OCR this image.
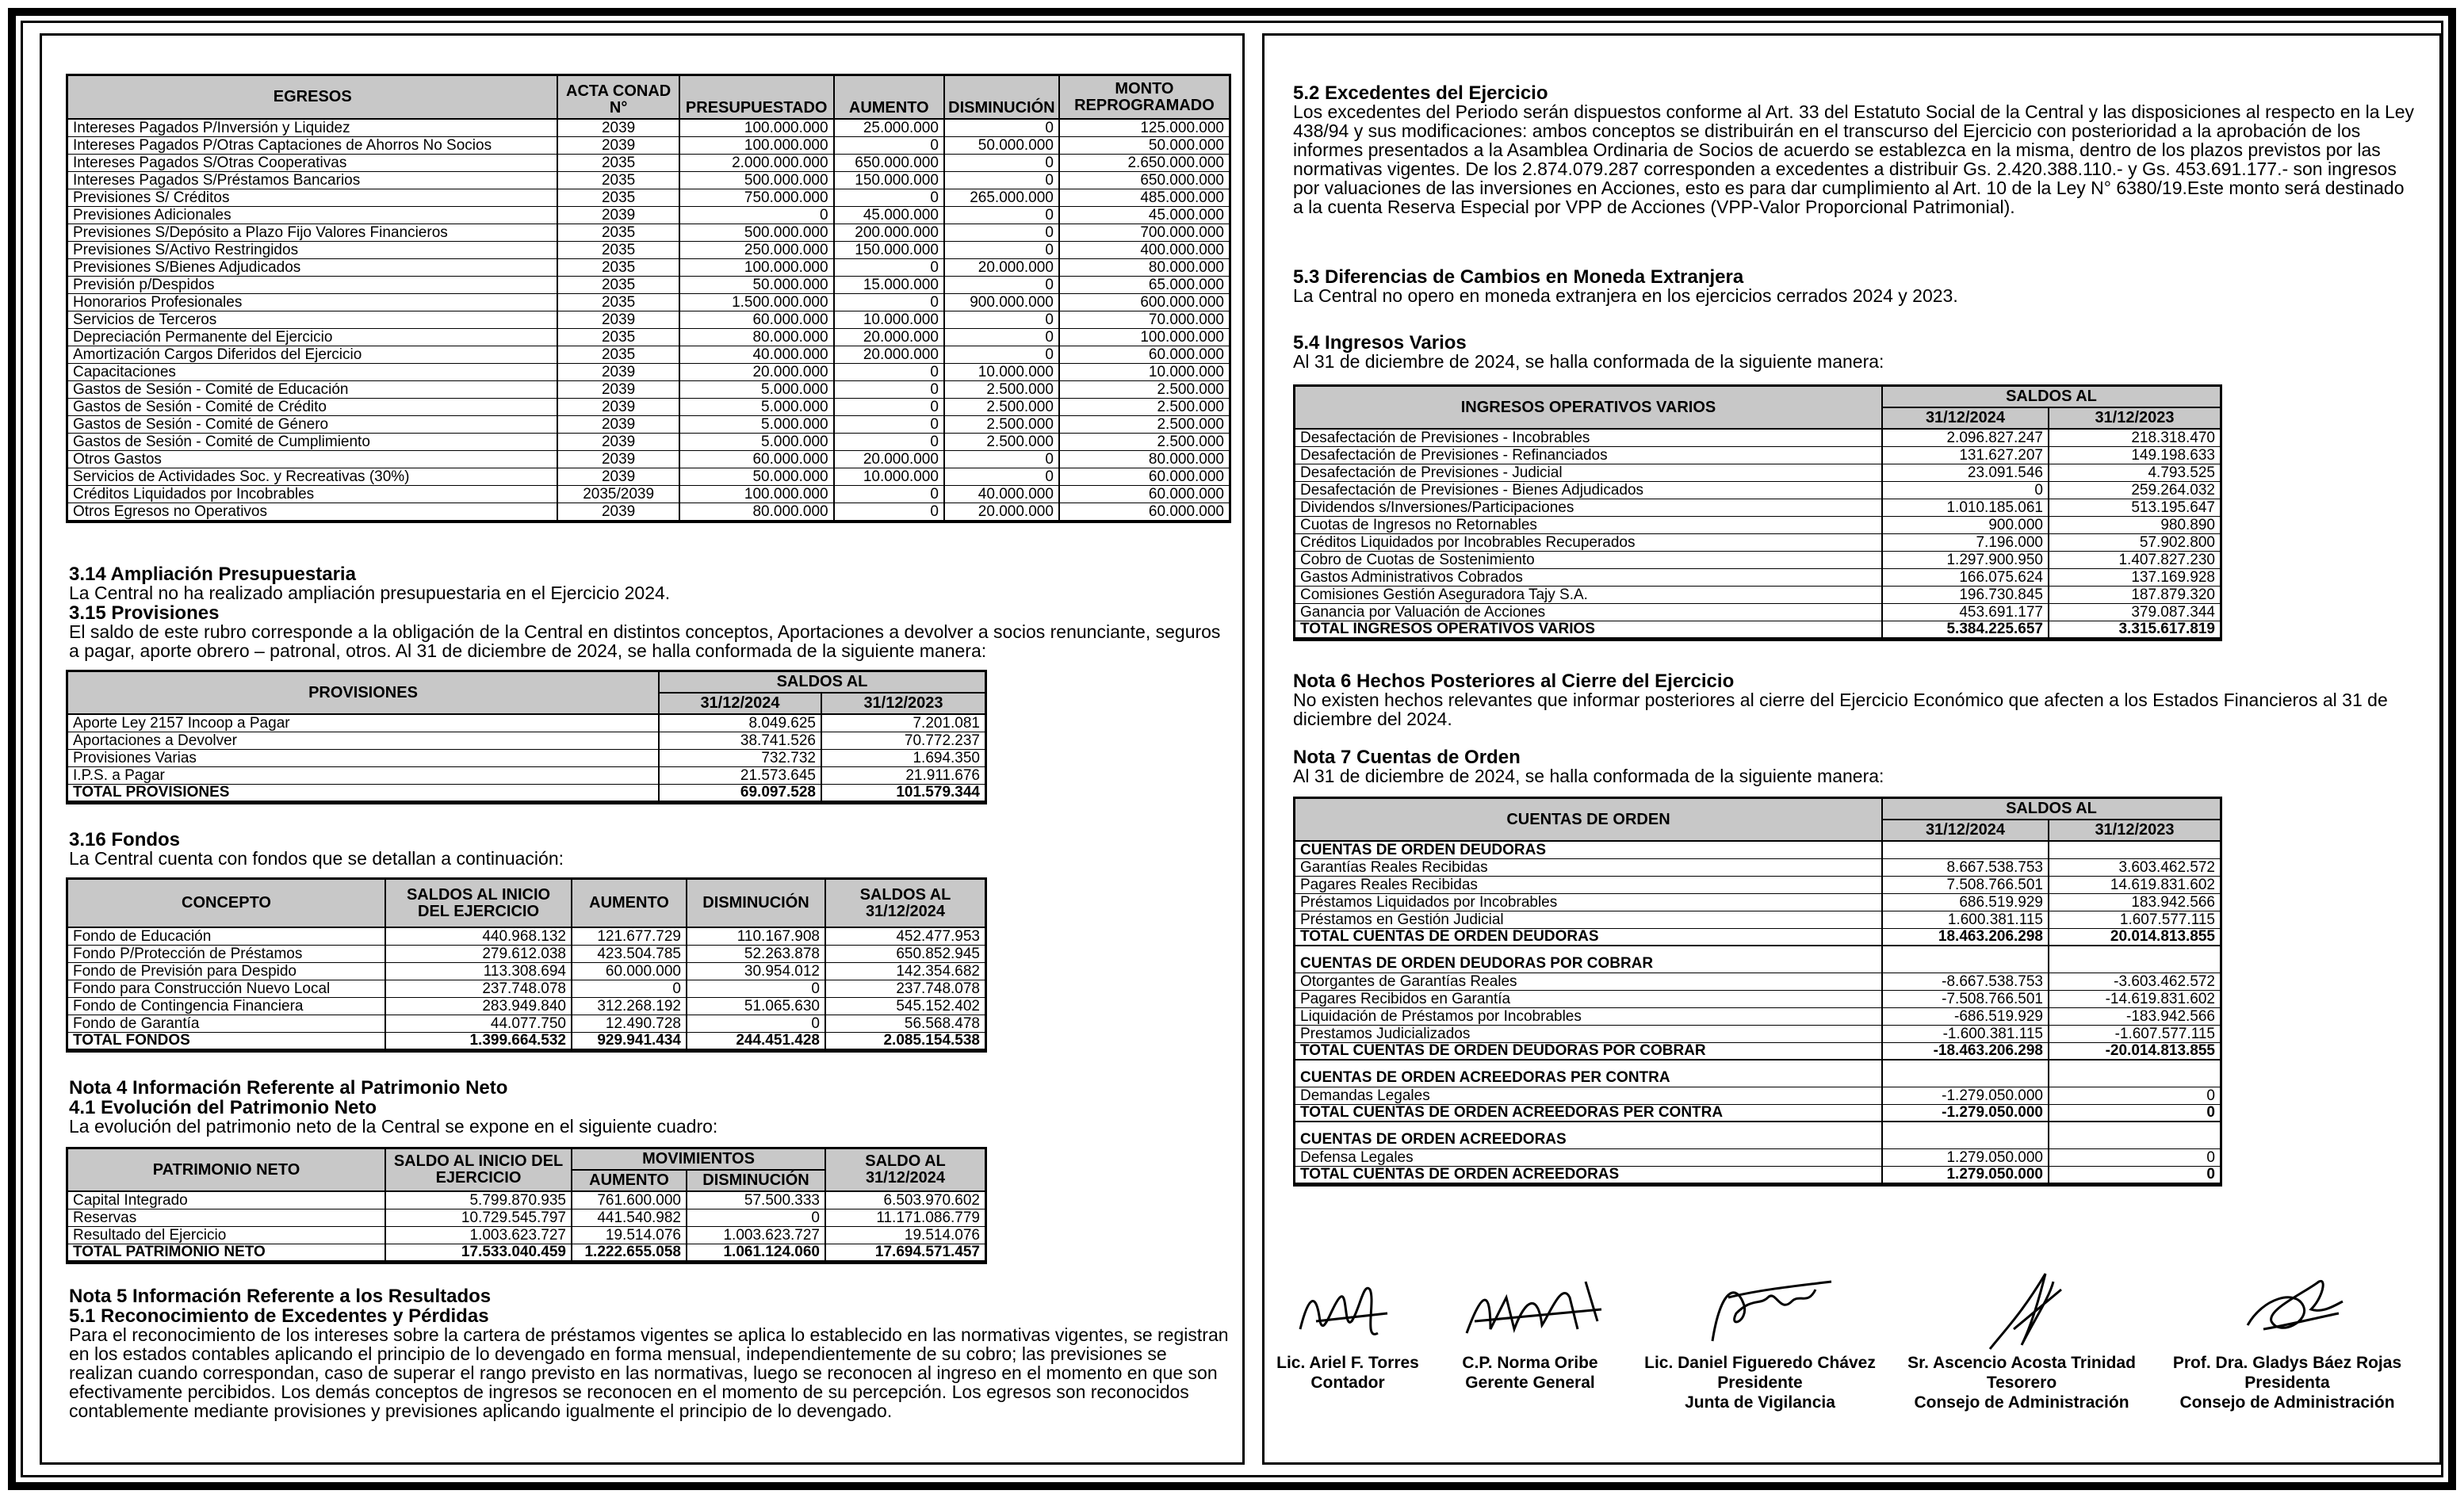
EGRESOS	ACTA CONAD N°	PRESUPUESTADO	AUMENTO	DISMINUCIÓN	MONTO REPROGRAMADO
Intereses Pagados P/Inversión y Liquidez	2039	100.000.000	25.000.000	0	125.000.000
Intereses Pagados P/Otras Captaciones de Ahorros No Socios	2039	100.000.000	0	50.000.000	50.000.000
Intereses Pagados S/Otras Cooperativas	2035	2.000.000.000	650.000.000	0	2.650.000.000
Intereses Pagados S/Préstamos Bancarios	2035	500.000.000	150.000.000	0	650.000.000
Previsiones S/ Créditos	2035	750.000.000	0	265.000.000	485.000.000
Previsiones Adicionales	2039	0	45.000.000	0	45.000.000
Previsiones S/Depósito a Plazo Fijo Valores Financieros	2035	500.000.000	200.000.000	0	700.000.000
Previsiones S/Activo Restringidos	2035	250.000.000	150.000.000	0	400.000.000
Previsiones S/Bienes Adjudicados	2035	100.000.000	0	20.000.000	80.000.000
Previsión p/Despidos	2035	50.000.000	15.000.000	0	65.000.000
Honorarios Profesionales	2035	1.500.000.000	0	900.000.000	600.000.000
Servicios de Terceros	2039	60.000.000	10.000.000	0	70.000.000
Depreciación Permanente del Ejercicio	2035	80.000.000	20.000.000	0	100.000.000
Amortización Cargos Diferidos del Ejercicio	2035	40.000.000	20.000.000	0	60.000.000
Capacitaciones	2039	20.000.000	0	10.000.000	10.000.000
Gastos de Sesión - Comité de Educación	2039	5.000.000	0	2.500.000	2.500.000
Gastos de Sesión - Comité de Crédito	2039	5.000.000	0	2.500.000	2.500.000
Gastos de Sesión - Comité de Género	2039	5.000.000	0	2.500.000	2.500.000
Gastos de Sesión - Comité de Cumplimiento	2039	5.000.000	0	2.500.000	2.500.000
Otros Gastos	2039	60.000.000	20.000.000	0	80.000.000
Servicios de Actividades Soc. y Recreativas (30%)	2039	50.000.000	10.000.000	0	60.000.000
Créditos Liquidados por Incobrables	2035/2039	100.000.000	0	40.000.000	60.000.000
Otros Egresos no Operativos	2039	80.000.000	0	20.000.000	60.000.000
3.14 Ampliación Presupuestaria
La Central no ha realizado ampliación presupuestaria en el Ejercicio 2024.
3.15 Provisiones
El saldo de este rubro corresponde a la obligación de la Central en distintos conceptos, Aportaciones a devolver a socios renunciante, seguros a pagar, aporte obrero – patronal, otros. Al 31 de diciembre de 2024, se halla conformada de la siguiente manera:
PROVISIONES	SALDOS AL	
	31/12/2024	31/12/2023
Aporte Ley 2157 Incoop a Pagar	8.049.625	7.201.081
Aportaciones a Devolver	38.741.526	70.772.237
Provisiones Varias	732.732	1.694.350
I.P.S. a Pagar	21.573.645	21.911.676
TOTAL PROVISIONES	69.097.528	101.579.344
3.16 Fondos
La Central cuenta con fondos que se detallan a continuación:
CONCEPTO	SALDOS AL INICIO DEL EJERCICIO	AUMENTO	DISMINUCIÓN	SALDOS AL 31/12/2024
Fondo de Educación	440.968.132	121.677.729	110.167.908	452.477.953
Fondo P/Protección de Préstamos	279.612.038	423.504.785	52.263.878	650.852.945
Fondo de Previsión para Despido	113.308.694	60.000.000	30.954.012	142.354.682
Fondo para Construcción Nuevo Local	237.748.078	0	0	237.748.078
Fondo de Contingencia Financiera	283.949.840	312.268.192	51.065.630	545.152.402
Fondo de Garantía	44.077.750	12.490.728	0	56.568.478
TOTAL FONDOS	1.399.664.532	929.941.434	244.451.428	2.085.154.538
Nota 4 Información Referente al Patrimonio Neto
4.1 Evolución del Patrimonio Neto
La evolución del patrimonio neto de la Central se expone en el siguiente cuadro:
PATRIMONIO NETO	SALDO AL INICIO DEL EJERCICIO	MOVIMIENTOS		SALDO AL 31/12/2024
		AUMENTO	DISMINUCIÓN	
Capital Integrado	5.799.870.935	761.600.000	57.500.333	6.503.970.602
Reservas	10.729.545.797	441.540.982	0	11.171.086.779
Resultado del Ejercicio	1.003.623.727	19.514.076	1.003.623.727	19.514.076
TOTAL PATRIMONIO NETO	17.533.040.459	1.222.655.058	1.061.124.060	17.694.571.457
Nota 5 Información Referente a los Resultados
5.1 Reconocimiento de Excedentes y Pérdidas
Para el reconocimiento de los intereses sobre la cartera de préstamos vigentes se aplica lo establecido en las normativas vigentes, se registran en los estados contables aplicando el principio de lo devengado en forma mensual, independientemente de su cobro; las previsiones se realizan cuando correspondan, caso de superar el rango previsto en las normativas, luego se reconocen al ingreso en el momento en que son efectivamente percibidos. Los demás conceptos de ingresos se reconocen en el momento de su percepción. Los egresos son reconocidos contablemente mediante provisiones y previsiones aplicando igualmente el principio de lo devengado.
5.2 Excedentes del Ejercicio
Los excedentes del Periodo serán dispuestos conforme al Art. 33 del Estatuto Social de la Central y las disposiciones al respecto en la Ley 438/94 y sus modificaciones: ambos conceptos se distribuirán en el transcurso del Ejercicio con posterioridad a la aprobación de los informes presentados a la Asamblea Ordinaria de Socios de acuerdo se establezca en la misma, dentro de los plazos previstos por las normativas vigentes. De los 2.874.079.287 corresponden a excedentes a distribuir Gs. 2.420.388.110.- y Gs. 453.691.177.- son ingresos por valuaciones de las inversiones en Acciones, esto es para dar cumplimiento al Art. 10 de la Ley N° 6380/19.Este monto será destinado a la cuenta Reserva Especial por VPP de Acciones (VPP-Valor Proporcional Patrimonial).
5.3 Diferencias de Cambios en Moneda Extranjera
La Central no opero en moneda extranjera en los ejercicios cerrados 2024 y 2023.
5.4 Ingresos Varios
Al 31 de diciembre de 2024, se halla conformada de la siguiente manera:
INGRESOS OPERATIVOS VARIOS	SALDOS AL	
	31/12/2024	31/12/2023
Desafectación de Previsiones - Incobrables	2.096.827.247	218.318.470
Desafectación de Previsiones - Refinanciados	131.627.207	149.198.633
Desafectación de Previsiones - Judicial	23.091.546	4.793.525
Desafectación de Previsiones - Bienes Adjudicados	0	259.264.032
Dividendos s/Inversiones/Participaciones	1.010.185.061	513.195.647
Cuotas de Ingresos no Retornables	900.000	980.890
Créditos Liquidados por Incobrables Recuperados	7.196.000	57.902.800
Cobro de Cuotas de Sostenimiento	1.297.900.950	1.407.827.230
Gastos Administrativos Cobrados	166.075.624	137.169.928
Comisiones Gestión Aseguradora Tajy S.A.	196.730.845	187.879.320
Ganancia por Valuación de Acciones	453.691.177	379.087.344
TOTAL INGRESOS OPERATIVOS VARIOS	5.384.225.657	3.315.617.819
Nota 6 Hechos Posteriores al Cierre del Ejercicio
No existen hechos relevantes que informar posteriores al cierre del Ejercicio Económico que afecten a los Estados Financieros al 31 de diciembre del 2024.
Nota 7 Cuentas de Orden
Al 31 de diciembre de 2024, se halla conformada de la siguiente manera:
CUENTAS DE ORDEN	SALDOS AL	
	31/12/2024	31/12/2023
CUENTAS DE ORDEN DEUDORAS		
Garantías Reales Recibidas	8.667.538.753	3.603.462.572
Pagares Reales Recibidas	7.508.766.501	14.619.831.602
Préstamos Liquidados por Incobrables	686.519.929	183.942.566
Préstamos en Gestión Judicial	1.600.381.115	1.607.577.115
TOTAL CUENTAS DE ORDEN DEUDORAS	18.463.206.298	20.014.813.855

CUENTAS DE ORDEN DEUDORAS POR COBRAR		
Otorgantes de Garantías Reales	-8.667.538.753	-3.603.462.572
Pagares Recibidos en Garantía	-7.508.766.501	-14.619.831.602
Liquidación de Préstamos por Incobrables	-686.519.929	-183.942.566
Prestamos Judicializados	-1.600.381.115	-1.607.577.115
TOTAL CUENTAS DE ORDEN DEUDORAS POR COBRAR	-18.463.206.298	-20.014.813.855

CUENTAS DE ORDEN ACREEDORAS PER CONTRA		
Demandas Legales	-1.279.050.000	0
TOTAL CUENTAS DE ORDEN ACREEDORAS PER CONTRA	-1.279.050.000	0

CUENTAS DE ORDEN ACREEDORAS		
Defensa Legales	1.279.050.000	0
TOTAL CUENTAS DE ORDEN ACREEDORAS	1.279.050.000	0
Lic. Ariel F. Torres
Contador
C.P. Norma Oribe
Gerente General
Lic. Daniel Figueredo Chávez
Presidente
Junta de Vigilancia
Sr. Ascencio Acosta Trinidad
Tesorero
Consejo de Administración
Prof. Dra. Gladys Báez Rojas
Presidenta
Consejo de Administración
